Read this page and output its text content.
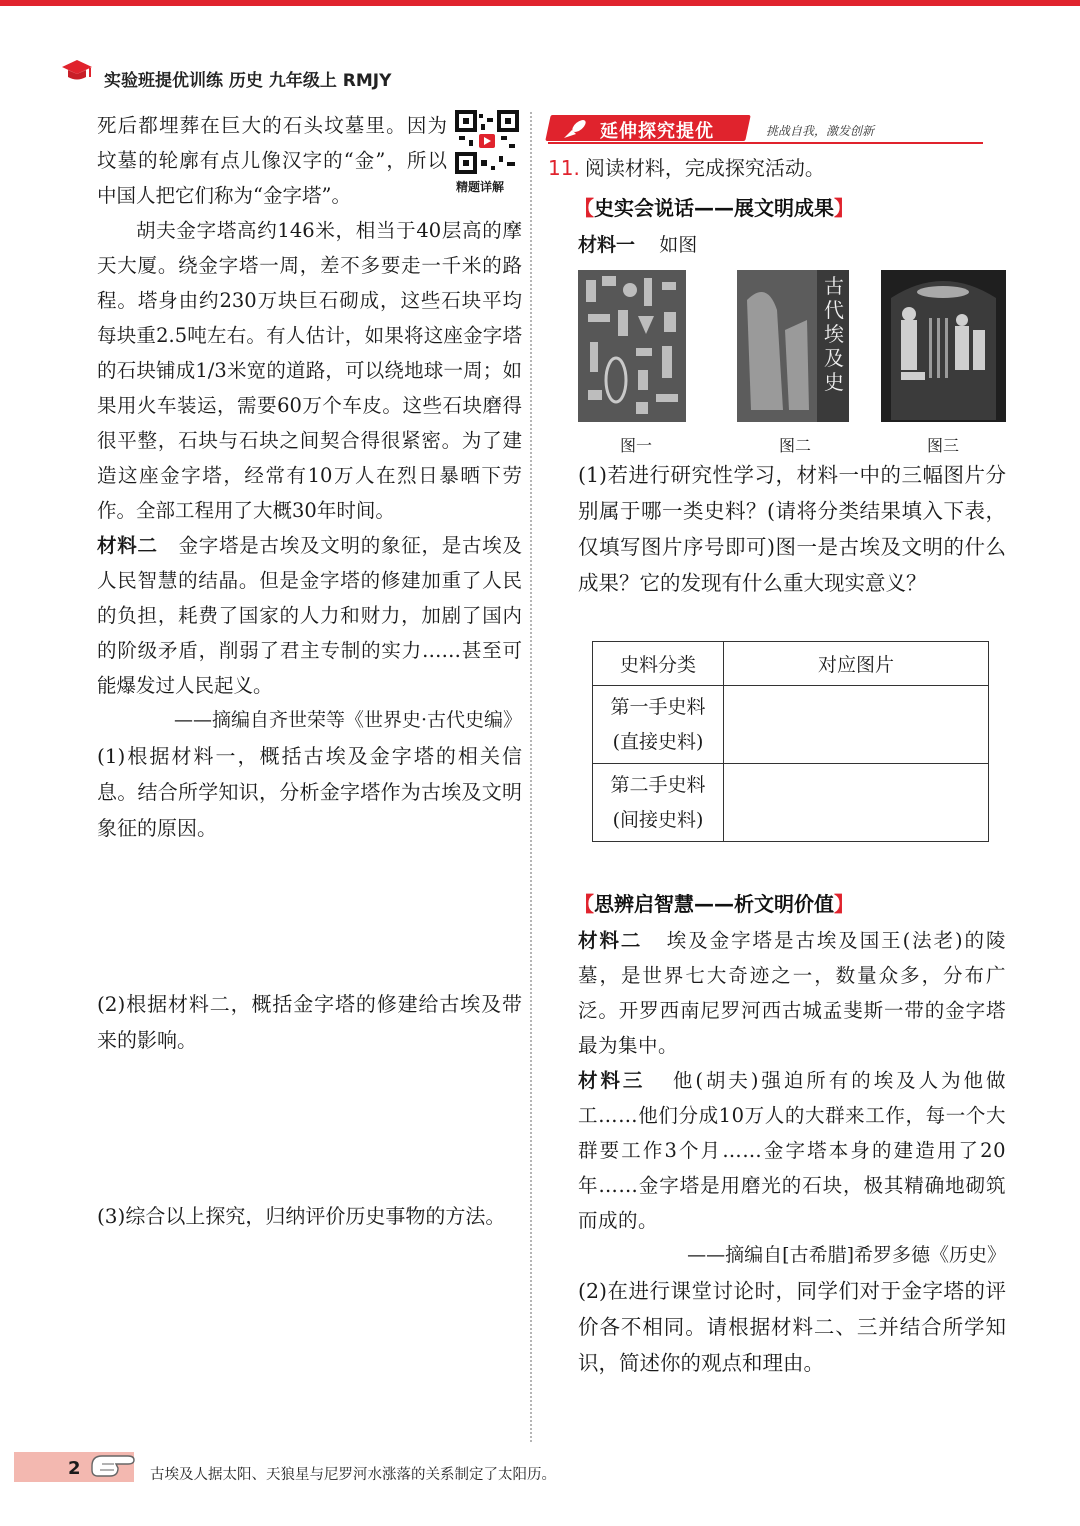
实验班提优训练 历史 九年级上 RMJY
精题详解

死后都埋葬在巨大的石头坟墓里。因为坟墓的轮廓有点儿像汉字的“金”，所以中国人把它们称为“金字塔”。

胡夫金字塔高约146米，相当于40层高的摩天大厦。绕金字塔一周，差不多要走一千米的路程。塔身由约230万块巨石砌成，这些石块平均每块重2.5吨左右。有人估计，如果将这座金字塔的石块铺成1/3米宽的道路，可以绕地球一周；如果用火车装运，需要60万个车皮。这些石块磨得很平整，石块与石块之间契合得很紧密。为了建造这座金字塔，经常有10万人在烈日暴晒下劳作。全部工程用了大概30年时间。

材料二 金字塔是古埃及文明的象征，是古埃及人民智慧的结晶。但是金字塔的修建加重了人民的负担，耗费了国家的人力和财力，加剧了国内的阶级矛盾，削弱了君主专制的实力……甚至可能爆发过人民起义。

——摘编自齐世荣等《世界史·古代史编》

(1)根据材料一，概括古埃及金字塔的相关信息。结合所学知识，分析金字塔作为古埃及文明象征的原因。

(2)根据材料二，概括金字塔的修建给古埃及带来的影响。

(3)综合以上探究，归纳评价历史事物的方法。

延伸探究提优	挑战自我，激发创新
11. 阅读材料，完成探究活动。
【史实会说话——展文明成果】
材料一 如图
古代埃及史
图一	图二	图三

(1)若进行研究性学习，材料一中的三幅图片分别属于哪一类史料？(请将分类结果填入下表，仅填写图片序号即可)图一是古埃及文明的什么成果？它的发现有什么重大现实意义？

史料分类	对应图片

第一手史料
(直接史料)	

第二手史料
(间接史料)	

【思辨启智慧——析文明价值】

材料二 埃及金字塔是古埃及国王(法老)的陵墓，是世界七大奇迹之一，数量众多，分布广泛。开罗西南尼罗河西古城孟斐斯一带的金字塔最为集中。

材料三 他(胡夫)强迫所有的埃及人为他做工……他们分成10万人的大群来工作，每一个大群要工作3个月……金字塔本身的建造用了20年……金字塔是用磨光的石块，极其精确地砌筑而成的。

——摘编自[古希腊]希罗多德《历史》

(2)在进行课堂讨论时，同学们对于金字塔的评价各不相同。请根据材料二、三并结合所学知识，简述你的观点和理由。

2	古埃及人据太阳、天狼星与尼罗河水涨落的关系制定了太阳历。
